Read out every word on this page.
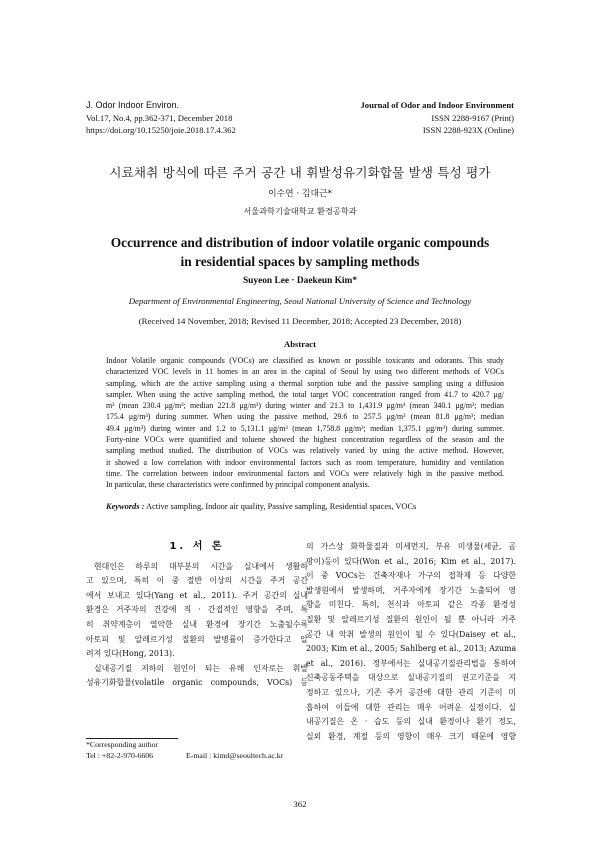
J. Odor Indoor Environ.
Vol.17, No.4, pp.362-371, December 2018
https://doi.org/10.15250/joie.2018.17.4.362
Journal of Odor and Indoor Environment
ISSN 2288-9167 (Print)
ISSN 2288-923X (Online)
시료채취 방식에 따른 주거 공간 내 휘발성유기화합물 발생 특성 평가
이수연 · 김대근*
서울과학기술대학교 환경공학과
Occurrence and distribution of indoor volatile organic compounds
in residential spaces by sampling methods
Suyeon Lee · Daekeun Kim*
Department of Environmental Engineering, Seoul National University of Science and Technology
(Received 14 November, 2018; Revised 11 December, 2018; Accepted 23 December, 2018)
Abstract
Indoor Volatile organic compounds (VOCs) are classified as known or possible toxicants and odorants. This study
characterized VOC levels in 11 homes in an area in the capital of Seoul by using two different methods of VOCs
sampling, which are the active sampling using a thermal sorption tube and the passive sampling using a diffusion
sampler. When using the active sampling method, the total target VOC concentration ranged from 41.7 to 420.7 μg/
m³ (mean 230.4 μg/m³; median 221.8 μg/m³) during winter and 21.3 to 1,431.9 μg/m³ (mean 340.1 μg/m³; median
175.4 μg/m³) during summer. When using the passive method, 29.6 to 257.5 μg/m³ (mean 81.8 μg/m³; median
49.4 μg/m³) during winter and 1.2 to 5,131.1 μg/m³ (mean 1,758.8 μg/m³; median 1,375.1 μg/m³) during summer.
Forty-nine VOCs were quantified and toluene showed the highest concentration regardless of the season and the
sampling method studied. The distribution of VOCs was relatively varied by using the active method. However,
it showed a low correlation with indoor environmental factors such as room temperature, humidity and ventilation
time. The correlation between indoor environmental factors and VOCs were relatively high in the passive method.
In particular, these characteristics were confirmed by principal component analysis.
Keywords : Active sampling, Indoor air quality, Passive sampling, Residential spaces, VOCs
1. 서 론
현대인은 하루의 대부분의 시간을 실내에서 생활하
고 있으며, 특히 이 중 절반 이상의 시간을 주거 공간
에서 보내고 있다(Yang et al., 2011). 주거 공간의 실내
환경은 거주자의 건강에 직 · 간접적인 영향을 주며, 특
히 취약계층이 열악한 실내 환경에 장기간 노출될수록
아토피 및 알레르기성 질환의 발병률이 증가한다고 알
려져 있다(Hong, 2013).
실내공기질 저하의 원인이 되는 유해 인자로는 휘발
성유기화합물(volatile organic compounds, VOCs) 등
의 가스상 화학물질과 미세먼지, 부유 미생물(세균, 곰
팡이)등이 있다(Won et al., 2016; Kim et al., 2017).
이 중 VOCs는 건축자재나 가구의 접착제 등 다양한
발생원에서 발생하며, 거주자에게 장기간 노출되어 영
향을 미친다. 특히, 천식과 아토피 같은 각종 환경성
질환 및 알레르기성 질환의 원인이 될 뿐 아니라 거주
공간 내 악취 발생의 원인이 될 수 있다(Daisey et al.,
2003; Kim et al., 2005; Sahlberg et al., 2013; Azuma
et al., 2016). 정부에서는 실내공기질관리법을 통하여
신축공동주택을 대상으로 실내공기질의 권고기준을 지
정하고 있으나, 기존 주거 공간에 대한 관리 기준이 미
흡하여 이들에 대한 관리는 매우 어려운 실정이다. 실
내공기질은 온 · 습도 등의 실내 환경이나 환기 정도,
실외 환경, 계절 등의 영향이 매우 크기 때문에 영향
*Corresponding author
Tel : +82-2-970-6606	E-mail : kimd@seoultech.ac.kr
362
